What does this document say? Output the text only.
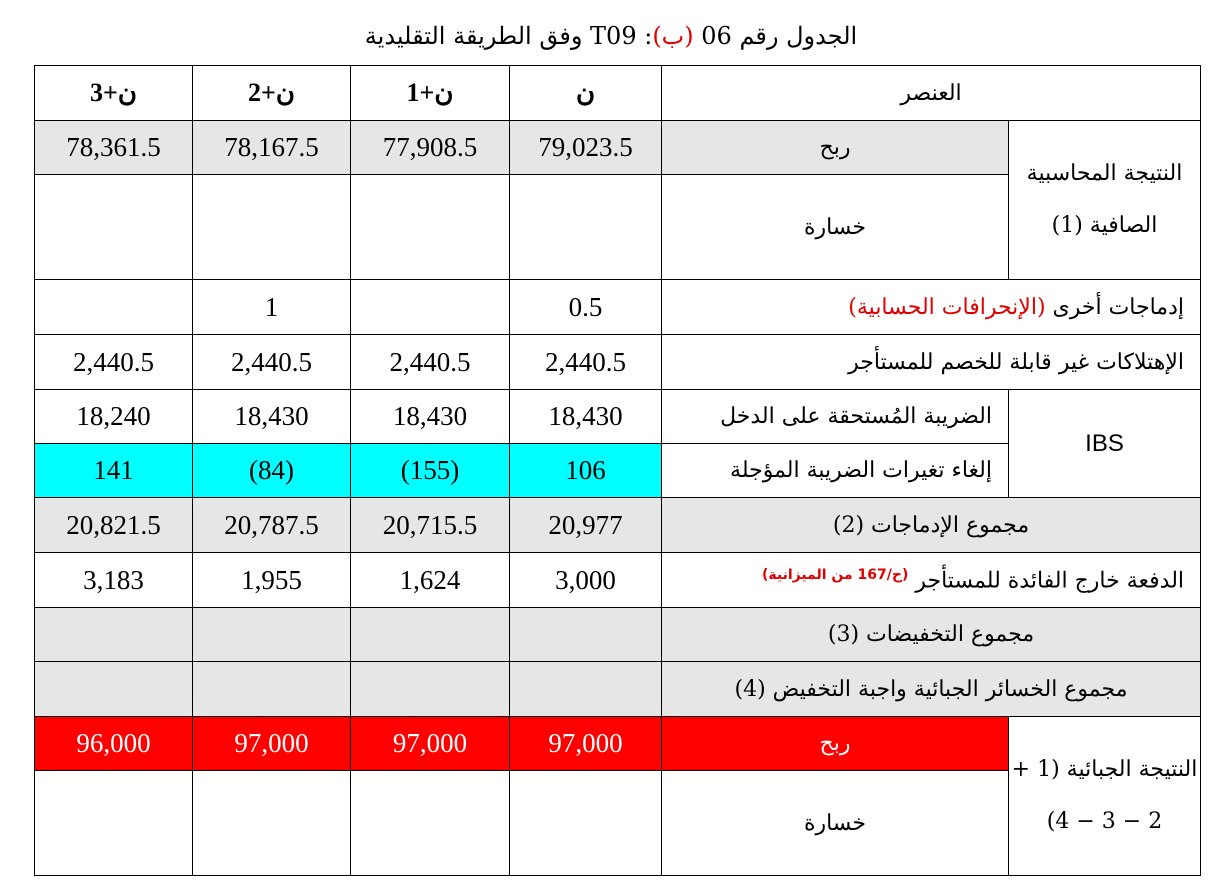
الجدول رقم 06 (ب): T09 وفق الطريقة التقليدية
ن+3	ن+2	ن+1	ن	العنصر	
78,361.5	78,167.5	77,908.5	79,023.5	ربح	النتيجة المحاسبية الصافية (1)
				خسارة	
	1		0.5	إدماجات أخرى (الإنحرافات الحسابية)	
2,440.5	2,440.5	2,440.5	2,440.5	الإهتلاكات غير قابلة للخصم للمستأجر	
18,240	18,430	18,430	18,430	الضريبة المُستحقة على الدخل	IBS
141	(84)	(155)	106	إلغاء تغيرات الضريبة المؤجلة	
20,821.5	20,787.5	20,715.5	20,977	مجموع الإدماجات (2)	
3,183	1,955	1,624	3,000	الدفعة خارج الفائدة للمستأجر $^{(ح/167 من الميزانية)}$
				مجموع التخفيضات (3)	
				مجموع الخسائر الجبائية واجبة التخفيض (4)	
96,000	97,000	97,000	97,000	ربح	النتيجة الجبائية (1 + 2 − 3 − 4)
				خسارة	
